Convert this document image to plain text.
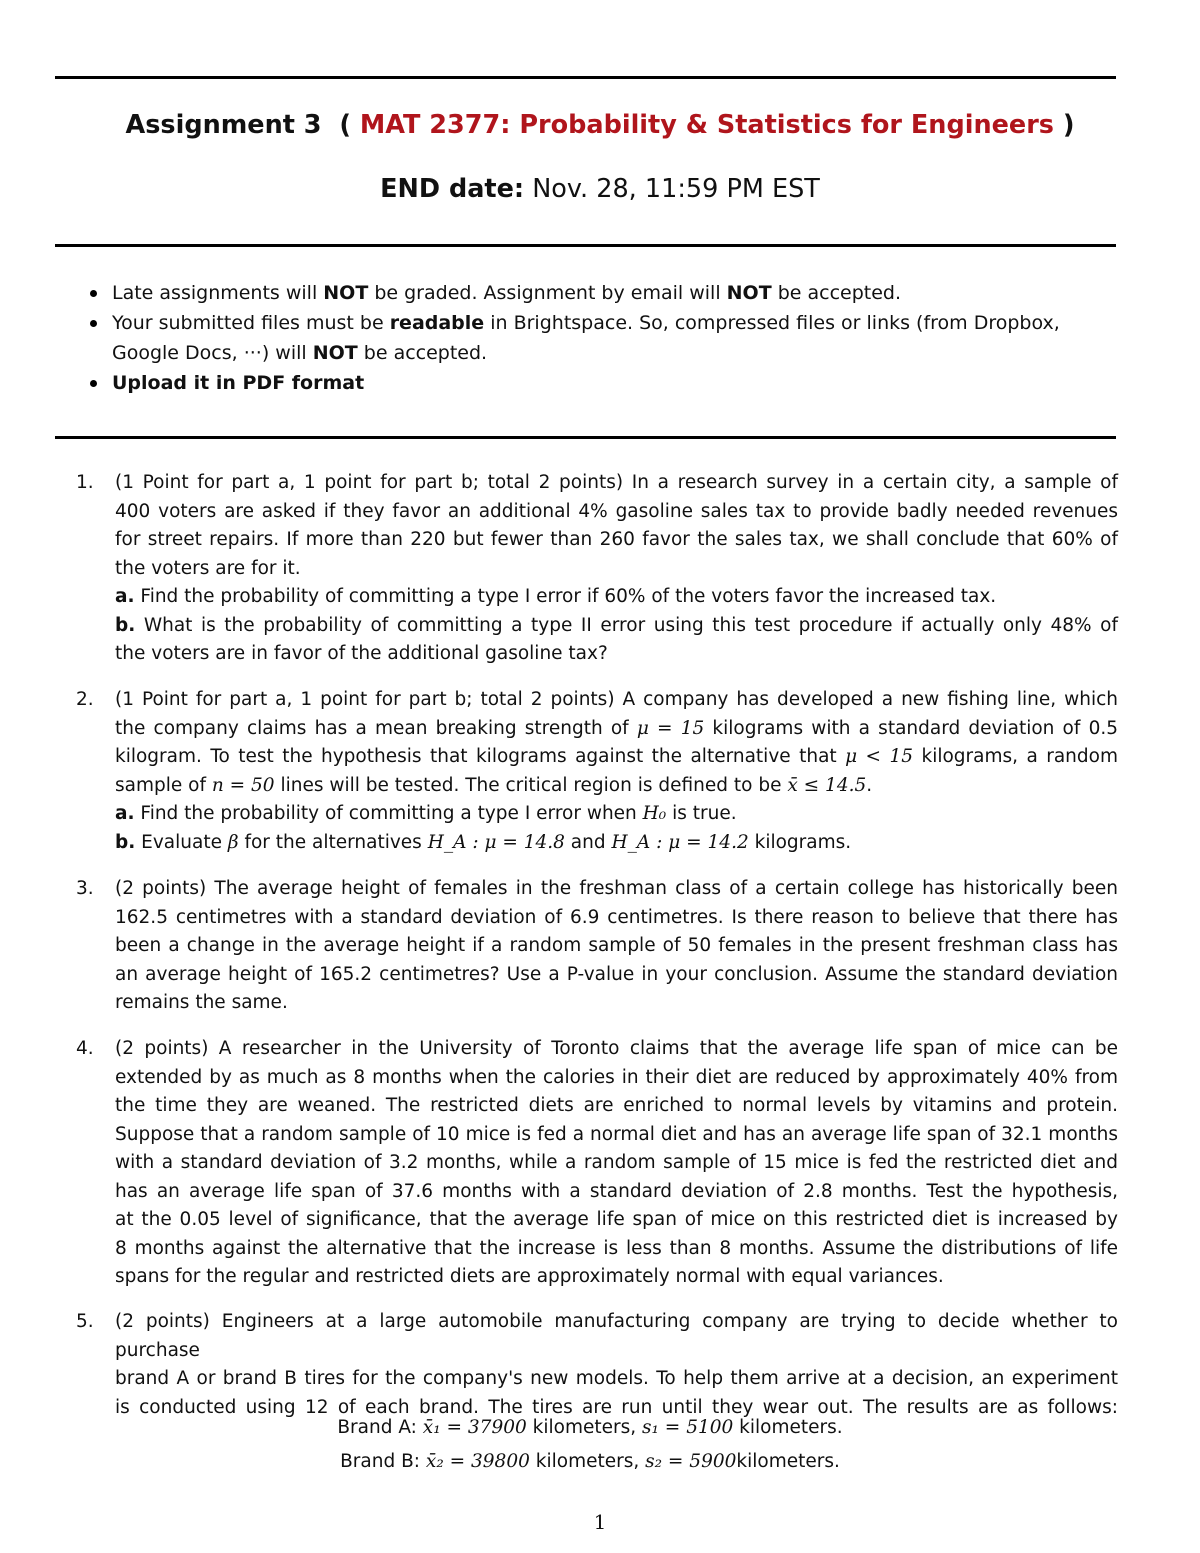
Assignment 3 ( MAT 2377: Probability & Statistics for Engineers )
END date: Nov. 28, 11:59 PM EST
Late assignments will NOT be graded. Assignment by email will NOT be accepted.
Your submitted files must be readable in Brightspace. So, compressed files or links (from Dropbox,
Google Docs, ···) will NOT be accepted.
Upload it in PDF format
1. (1 Point for part a, 1 point for part b; total 2 points) In a research survey in a certain city, a sample of
400 voters are asked if they favor an additional 4% gasoline sales tax to provide badly needed revenues
for street repairs. If more than 220 but fewer than 260 favor the sales tax, we shall conclude that 60% of
the voters are for it.
a. Find the probability of committing a type I error if 60% of the voters favor the increased tax.
b. What is the probability of committing a type II error using this test procedure if actually only 48% of
the voters are in favor of the additional gasoline tax?
2. (1 Point for part a, 1 point for part b; total 2 points) A company has developed a new fishing line, which
the company claims has a mean breaking strength of μ = 15 kilograms with a standard deviation of 0.5
kilogram. To test the hypothesis that kilograms against the alternative that μ < 15 kilograms, a random
sample of n = 50 lines will be tested. The critical region is defined to be x̄ ≤ 14.5.
a. Find the probability of committing a type I error when H₀ is true.
b. Evaluate β for the alternatives H_A : μ = 14.8 and H_A : μ = 14.2 kilograms.
3. (2 points) The average height of females in the freshman class of a certain college has historically been
162.5 centimetres with a standard deviation of 6.9 centimetres. Is there reason to believe that there has
been a change in the average height if a random sample of 50 females in the present freshman class has
an average height of 165.2 centimetres? Use a P-value in your conclusion. Assume the standard deviation
remains the same.
4. (2 points) A researcher in the University of Toronto claims that the average life span of mice can be
extended by as much as 8 months when the calories in their diet are reduced by approximately 40% from
the time they are weaned. The restricted diets are enriched to normal levels by vitamins and protein.
Suppose that a random sample of 10 mice is fed a normal diet and has an average life span of 32.1 months
with a standard deviation of 3.2 months, while a random sample of 15 mice is fed the restricted diet and
has an average life span of 37.6 months with a standard deviation of 2.8 months. Test the hypothesis,
at the 0.05 level of significance, that the average life span of mice on this restricted diet is increased by
8 months against the alternative that the increase is less than 8 months. Assume the distributions of life
spans for the regular and restricted diets are approximately normal with equal variances.
5. (2 points) Engineers at a large automobile manufacturing company are trying to decide whether to purchase
brand A or brand B tires for the company's new models. To help them arrive at a decision, an experiment
is conducted using 12 of each brand. The tires are run until they wear out. The results are as follows:
Brand A: x̄₁ = 37900 kilometers, s₁ = 5100 kilometers.
Brand B: x̄₂ = 39800 kilometers, s₂ = 5900kilometers.
1
